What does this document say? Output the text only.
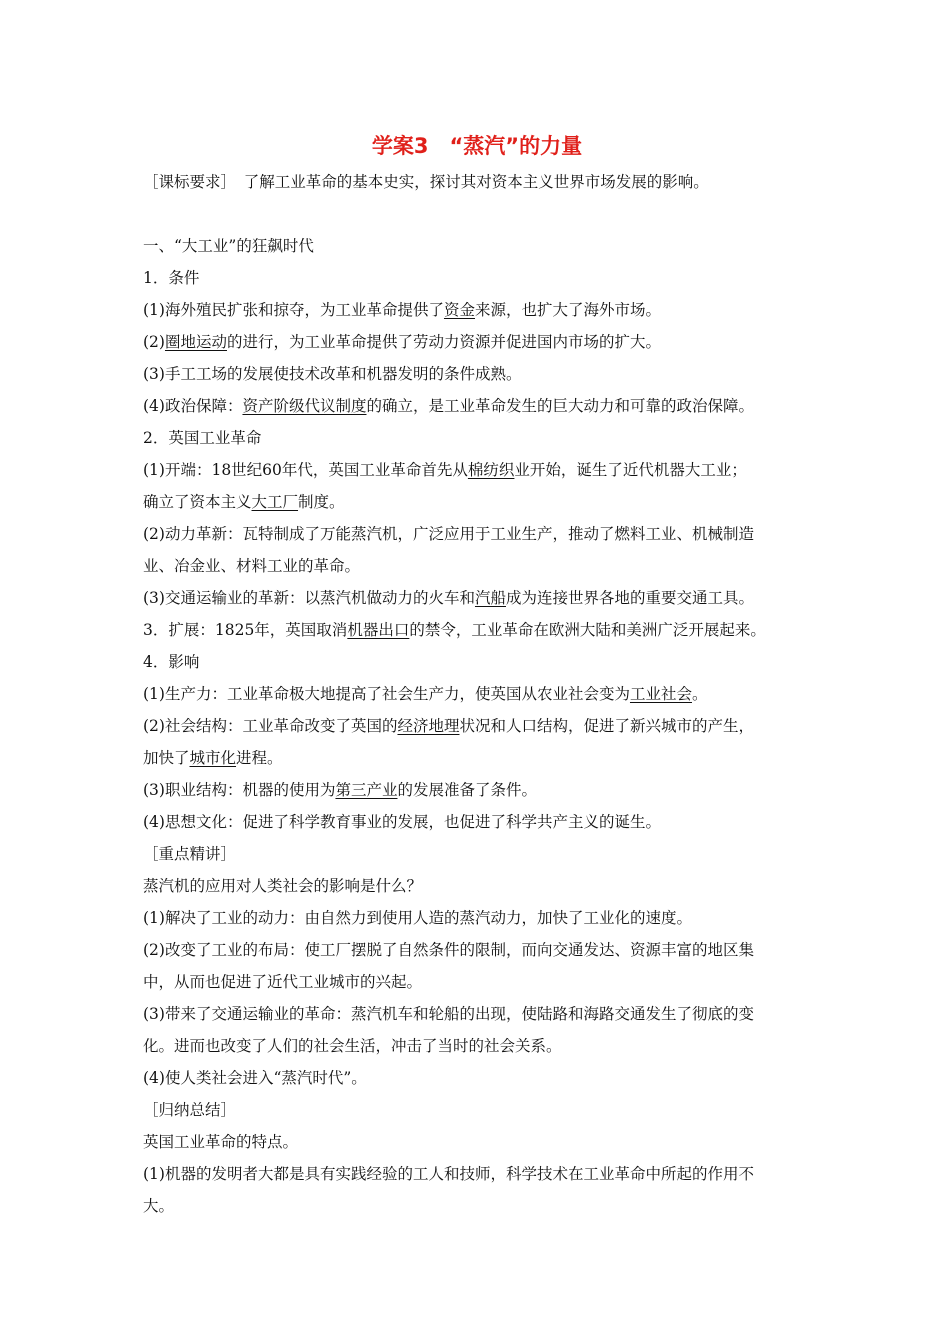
学案3　“蒸汽”的力量

［课标要求］　了解工业革命的基本史实，探讨其对资本主义世界市场发展的影响。

一、“大工业”的狂飙时代

1．条件

(1)海外殖民扩张和掠夺，为工业革命提供了资金来源，也扩大了海外市场。

(2)圈地运动的进行，为工业革命提供了劳动力资源并促进国内市场的扩大。

(3)手工工场的发展使技术改革和机器发明的条件成熟。

(4)政治保障：资产阶级代议制度的确立，是工业革命发生的巨大动力和可靠的政治保障。

2．英国工业革命

(1)开端：18世纪60年代，英国工业革命首先从棉纺织业开始，诞生了近代机器大工业；

确立了资本主义大工厂制度。

(2)动力革新：瓦特制成了万能蒸汽机，广泛应用于工业生产，推动了燃料工业、机械制造

业、冶金业、材料工业的革命。

(3)交通运输业的革新：以蒸汽机做动力的火车和汽船成为连接世界各地的重要交通工具。

3．扩展：1825年，英国取消机器出口的禁令，工业革命在欧洲大陆和美洲广泛开展起来。

4．影响

(1)生产力：工业革命极大地提高了社会生产力，使英国从农业社会变为工业社会。

(2)社会结构：工业革命改变了英国的经济地理状况和人口结构，促进了新兴城市的产生，

加快了城市化进程。

(3)职业结构：机器的使用为第三产业的发展准备了条件。

(4)思想文化：促进了科学教育事业的发展，也促进了科学共产主义的诞生。

［重点精讲］

蒸汽机的应用对人类社会的影响是什么？

(1)解决了工业的动力：由自然力到使用人造的蒸汽动力，加快了工业化的速度。

(2)改变了工业的布局：使工厂摆脱了自然条件的限制，而向交通发达、资源丰富的地区集

中，从而也促进了近代工业城市的兴起。

(3)带来了交通运输业的革命：蒸汽机车和轮船的出现，使陆路和海路交通发生了彻底的变

化。进而也改变了人们的社会生活，冲击了当时的社会关系。

(4)使人类社会进入“蒸汽时代”。

［归纳总结］

英国工业革命的特点。

(1)机器的发明者大都是具有实践经验的工人和技师，科学技术在工业革命中所起的作用不

大。
